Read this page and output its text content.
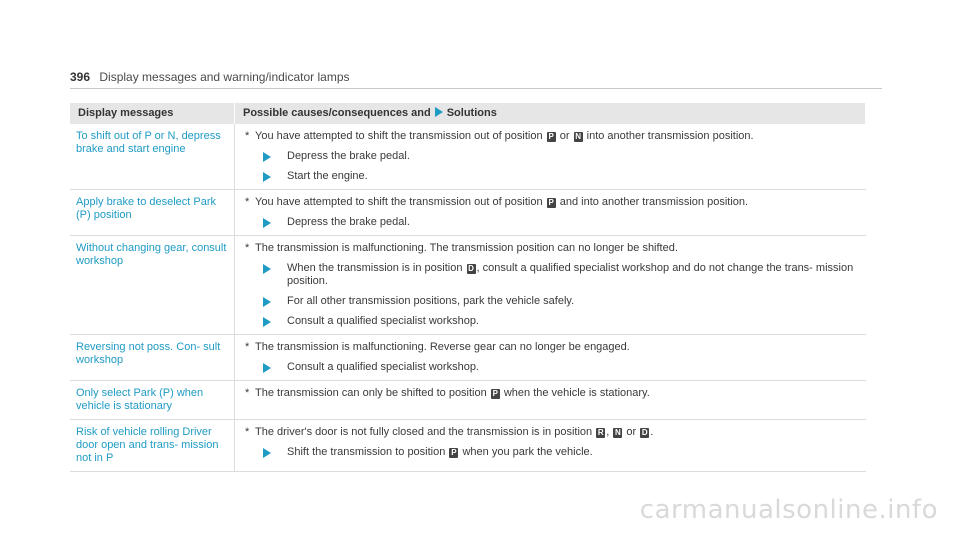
396 Display messages and warning/indicator lamps
Display messages	Possible causes/consequences and Solutions
To shift out of P or N, depress brake and start engine	* You have attempted to shift the transmission out of position P or N into another transmission position.
Depress the brake pedal.
Start the engine.

Apply brake to deselect Park (P) position	* You have attempted to shift the transmission out of position P and into another transmission position.
Depress the brake pedal.

Without changing gear, consult workshop	* The transmission is malfunctioning. The transmission position can no longer be shifted.
When the transmission is in position D , consult a qualified specialist workshop and do not change the trans- mission position.
For all other transmission positions, park the vehicle safely.
Consult a qualified specialist workshop.

Reversing not poss. Con- sult workshop	* The transmission is malfunctioning. Reverse gear can no longer be engaged.
Consult a qualified specialist workshop.

Only select Park (P) when vehicle is stationary	* The transmission can only be shifted to position P when the vehicle is stationary.

Risk of vehicle rolling Driver door open and trans- mission not in P	* The driver's door is not fully closed and the transmission is in position R , N or D .
Shift the transmission to position P when you park the vehicle.
carmanualsonline.info
